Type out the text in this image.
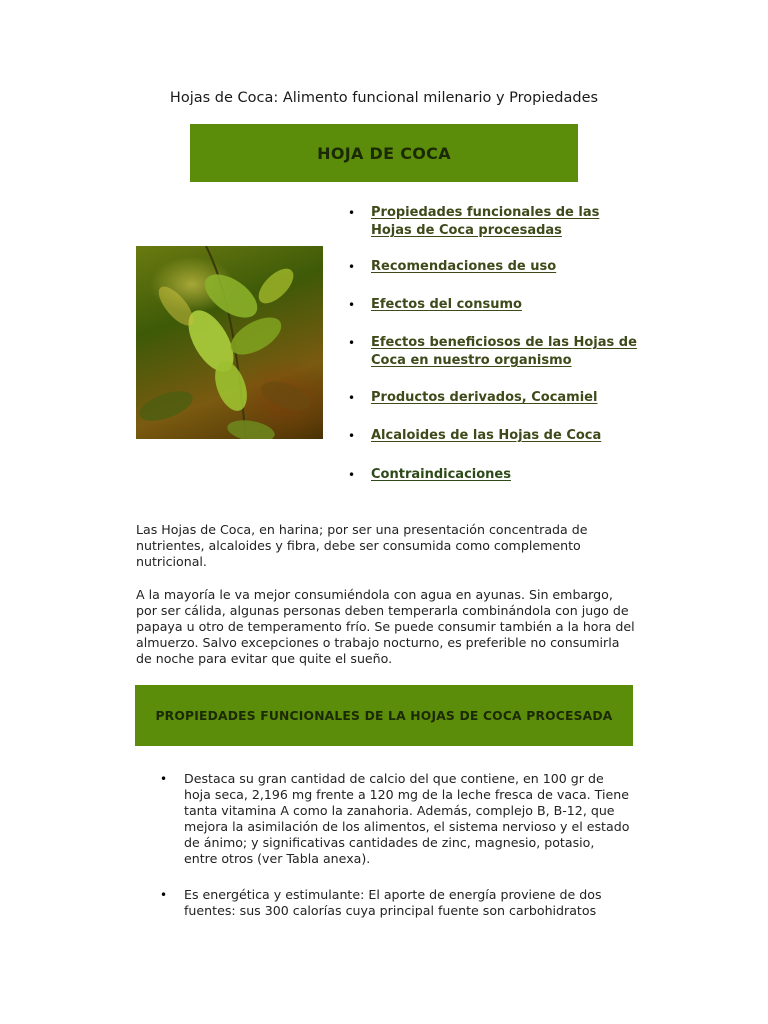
Hojas de Coca: Alimento funcional milenario y Propiedades
HOJA DE COCA
• Propiedades funcionales de las Hojas de Coca procesadas
• Recomendaciones de uso
• Efectos del consumo
• Efectos beneficiosos de las Hojas de Coca en nuestro organismo
• Productos derivados, Cocamiel
• Alcaloides de las Hojas de Coca
• Contraindicaciones

Las Hojas de Coca, en harina; por ser una presentación concentrada de nutrientes, alcaloides y fibra, debe ser consumida como complemento nutricional.

A la mayoría le va mejor consumiéndola con agua en ayunas. Sin embargo, por ser cálida, algunas personas deben temperarla combinándola con jugo de papaya u otro de temperamento frío. Se puede consumir también a la hora del almuerzo. Salvo excepciones o trabajo nocturno, es preferible no consumirla de noche para evitar que quite el sueño.

PROPIEDADES FUNCIONALES DE LA HOJAS DE COCA PROCESADA
• Destaca su gran cantidad de calcio del que contiene, en 100 gr de hoja seca, 2,196 mg frente a 120 mg de la leche fresca de vaca. Tiene tanta vitamina A como la zanahoria. Además, complejo B, B-12, que mejora la asimilación de los alimentos, el sistema nervioso y el estado de ánimo; y significativas cantidades de zinc, magnesio, potasio, entre otros (ver Tabla anexa).
• Es energética y estimulante: El aporte de energía proviene de dos fuentes: sus 300 calorías cuya principal fuente son carbohidratos
